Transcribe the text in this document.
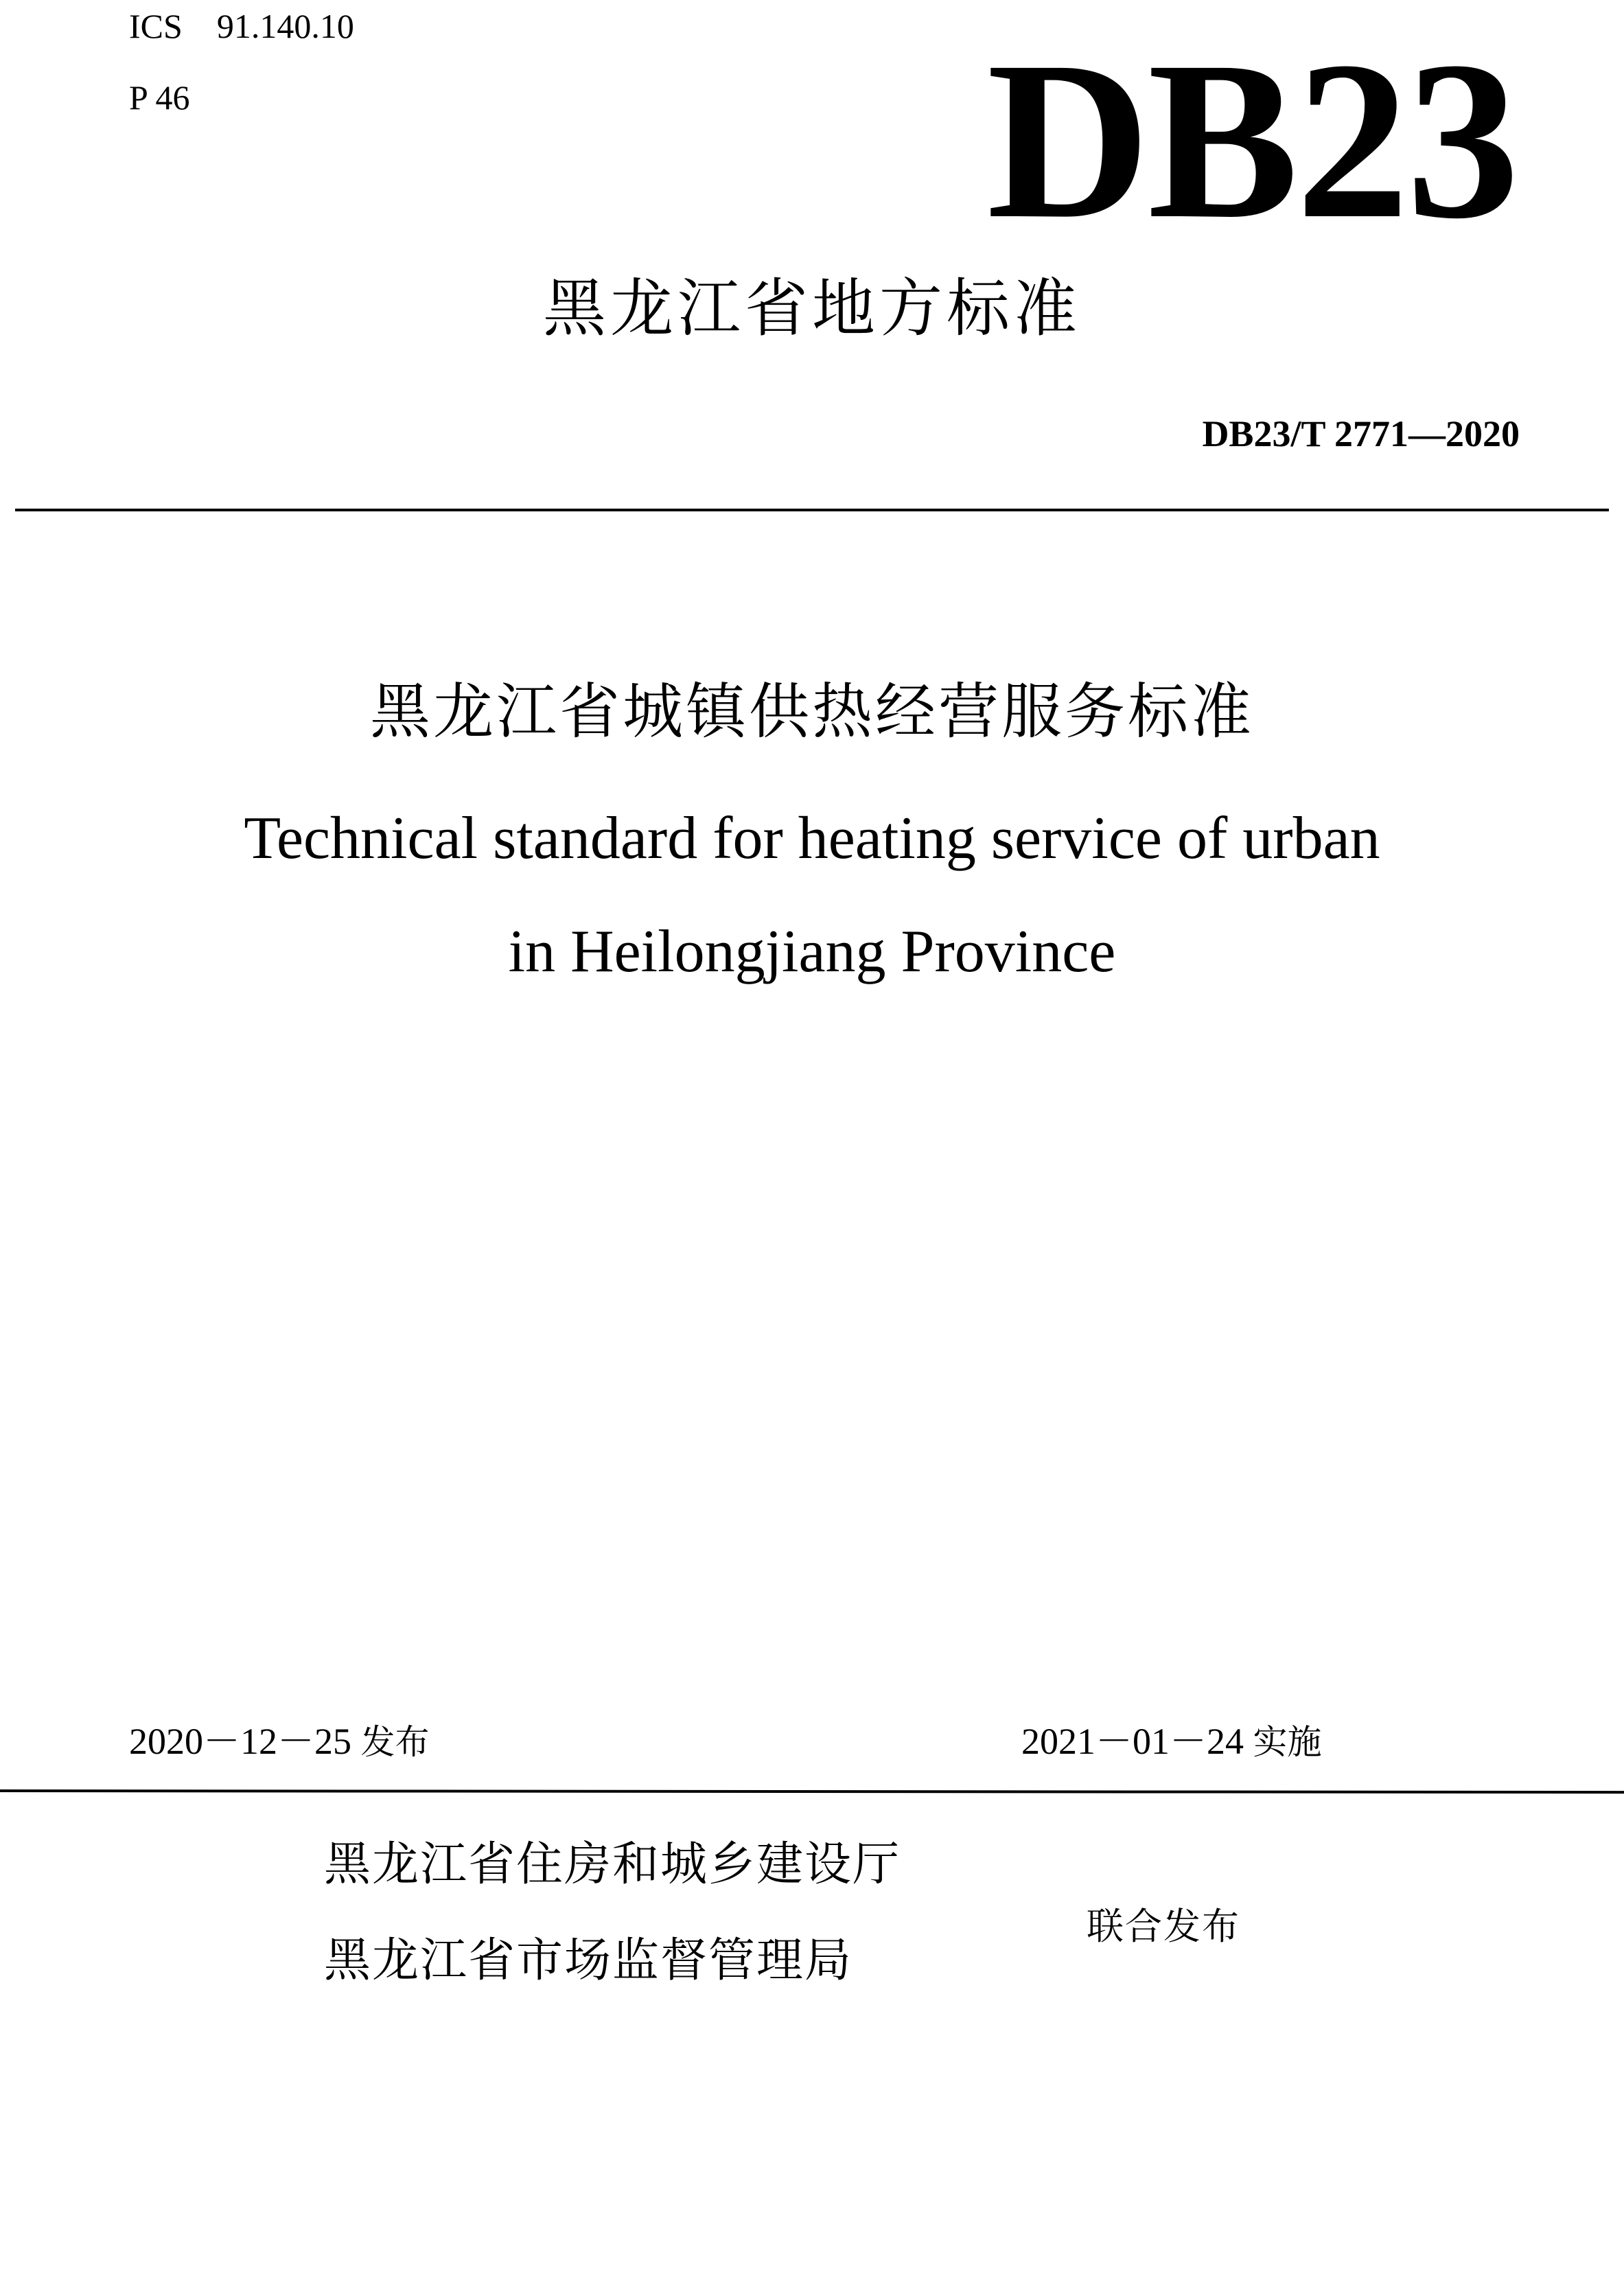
ICS 91.140.10
P 46	DB23
黑龙江省地方标准
DB23/T 2771—2020
黑龙江省城镇供热经营服务标准
Technical standard for heating service of urban
in Heilongjiang Province
2020－12－25 发布	2021－01－24 实施
黑龙江省住房和城乡建设厅
黑龙江省市场监督管理局
联合发布
